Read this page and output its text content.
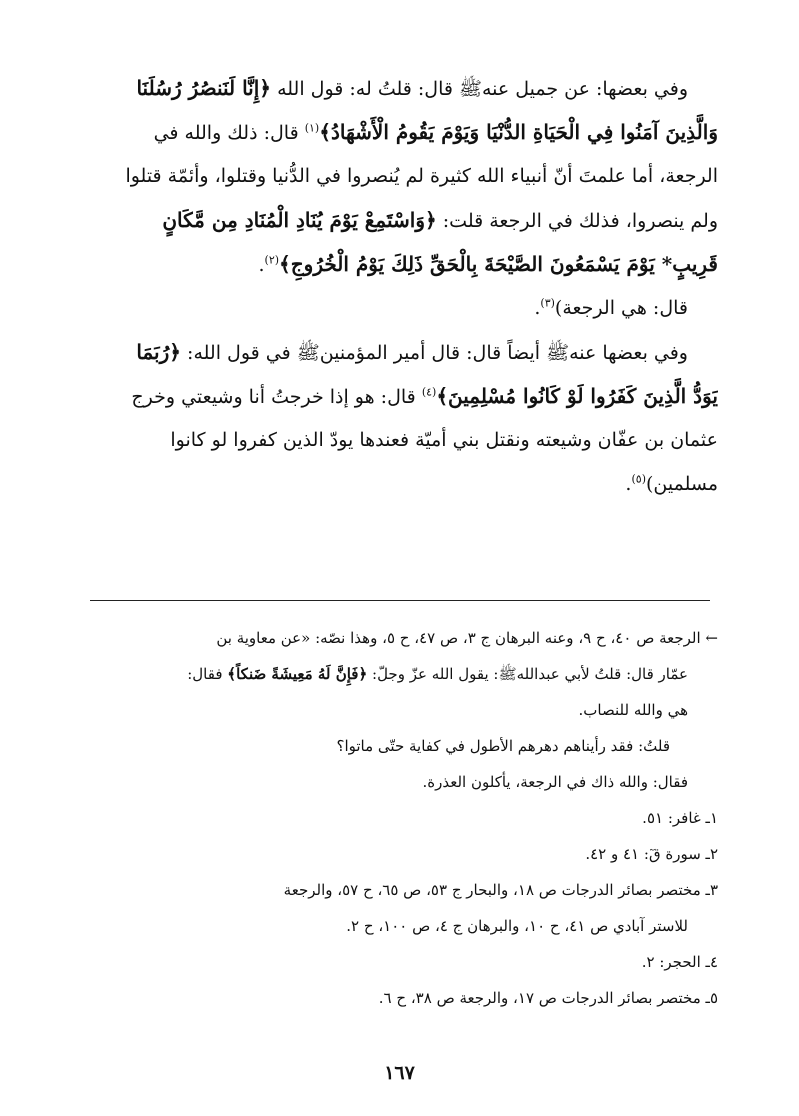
وفي بعضها: عن جميل عنهﷺ قال: قلتُ له: قول الله ﴿إِنَّا لَنَنصُرُ رُسُلَنَا
وَالَّذِينَ آمَنُوا فِي الْحَيَاةِ الدُّنْيَا وَيَوْمَ يَقُومُ الْأَشْهَادُ﴾$^{(١)}$ قال: ذلك والله في
الرجعة، أما علمتَ أنّ أنبياء الله كثيرة لم يُنصروا في الدُّنيا وقتلوا، وأئمّة قتلوا
ولم ينصروا، فذلك في الرجعة قلت: ﴿وَاسْتَمِعْ يَوْمَ يُنَادِ الْمُنَادِ مِن مَّكَانٍ
قَرِيبٍ* يَوْمَ يَسْمَعُونَ الصَّيْحَةَ بِالْحَقِّ ذَلِكَ يَوْمُ الْخُرُوجِ﴾$^{(٢)}$.
قال: هي الرجعة)$^{(٣)}$.
وفي بعضها عنهﷺ أيضاً قال: قال أمير المؤمنينﷺ في قول الله: ﴿رُبَمَا
يَوَدُّ الَّذِينَ كَفَرُوا لَوْ كَانُوا مُسْلِمِينَ﴾$^{(٤)}$ قال: هو إذا خرجتُ أنا وشيعتي وخرج
عثمان بن عفّان وشيعته ونقتل بني أميّة فعندها يودّ الذين كفروا لو كانوا
مسلمين)$^{(٥)}$.
← الرجعة ص ٤٠، ح ٩، وعنه البرهان ج ٣، ص ٤٧، ح ٥، وهذا نصّه: «عن معاوية بن
عمّار قال: قلتُ لأبي عبداللهﷺ: يقول الله عزّ وجلّ: ﴿فَإِنَّ لَهُ مَعِيشَةً ضَنكاً﴾ فقال:
هي والله للنصاب.
قلتُ: فقد رأيناهم دهرهم الأطول في كفاية حتّى ماتوا؟
فقال: والله ذاك في الرجعة، يأكلون العذرة.
١ـ غافر: ٥١.
٢ـ سورة قٓ: ٤١ و ٤٢.
٣ـ مختصر بصائر الدرجات ص ١٨، والبحار ج ٥٣، ص ٦٥، ح ٥٧، والرجعة
للاستر آبادي ص ٤١، ح ١٠، والبرهان ج ٤، ص ١٠٠، ح ٢.
٤ـ الحجر: ٢.
٥ـ مختصر بصائر الدرجات ص ١٧، والرجعة ص ٣٨، ح ٦.
١٦٧
